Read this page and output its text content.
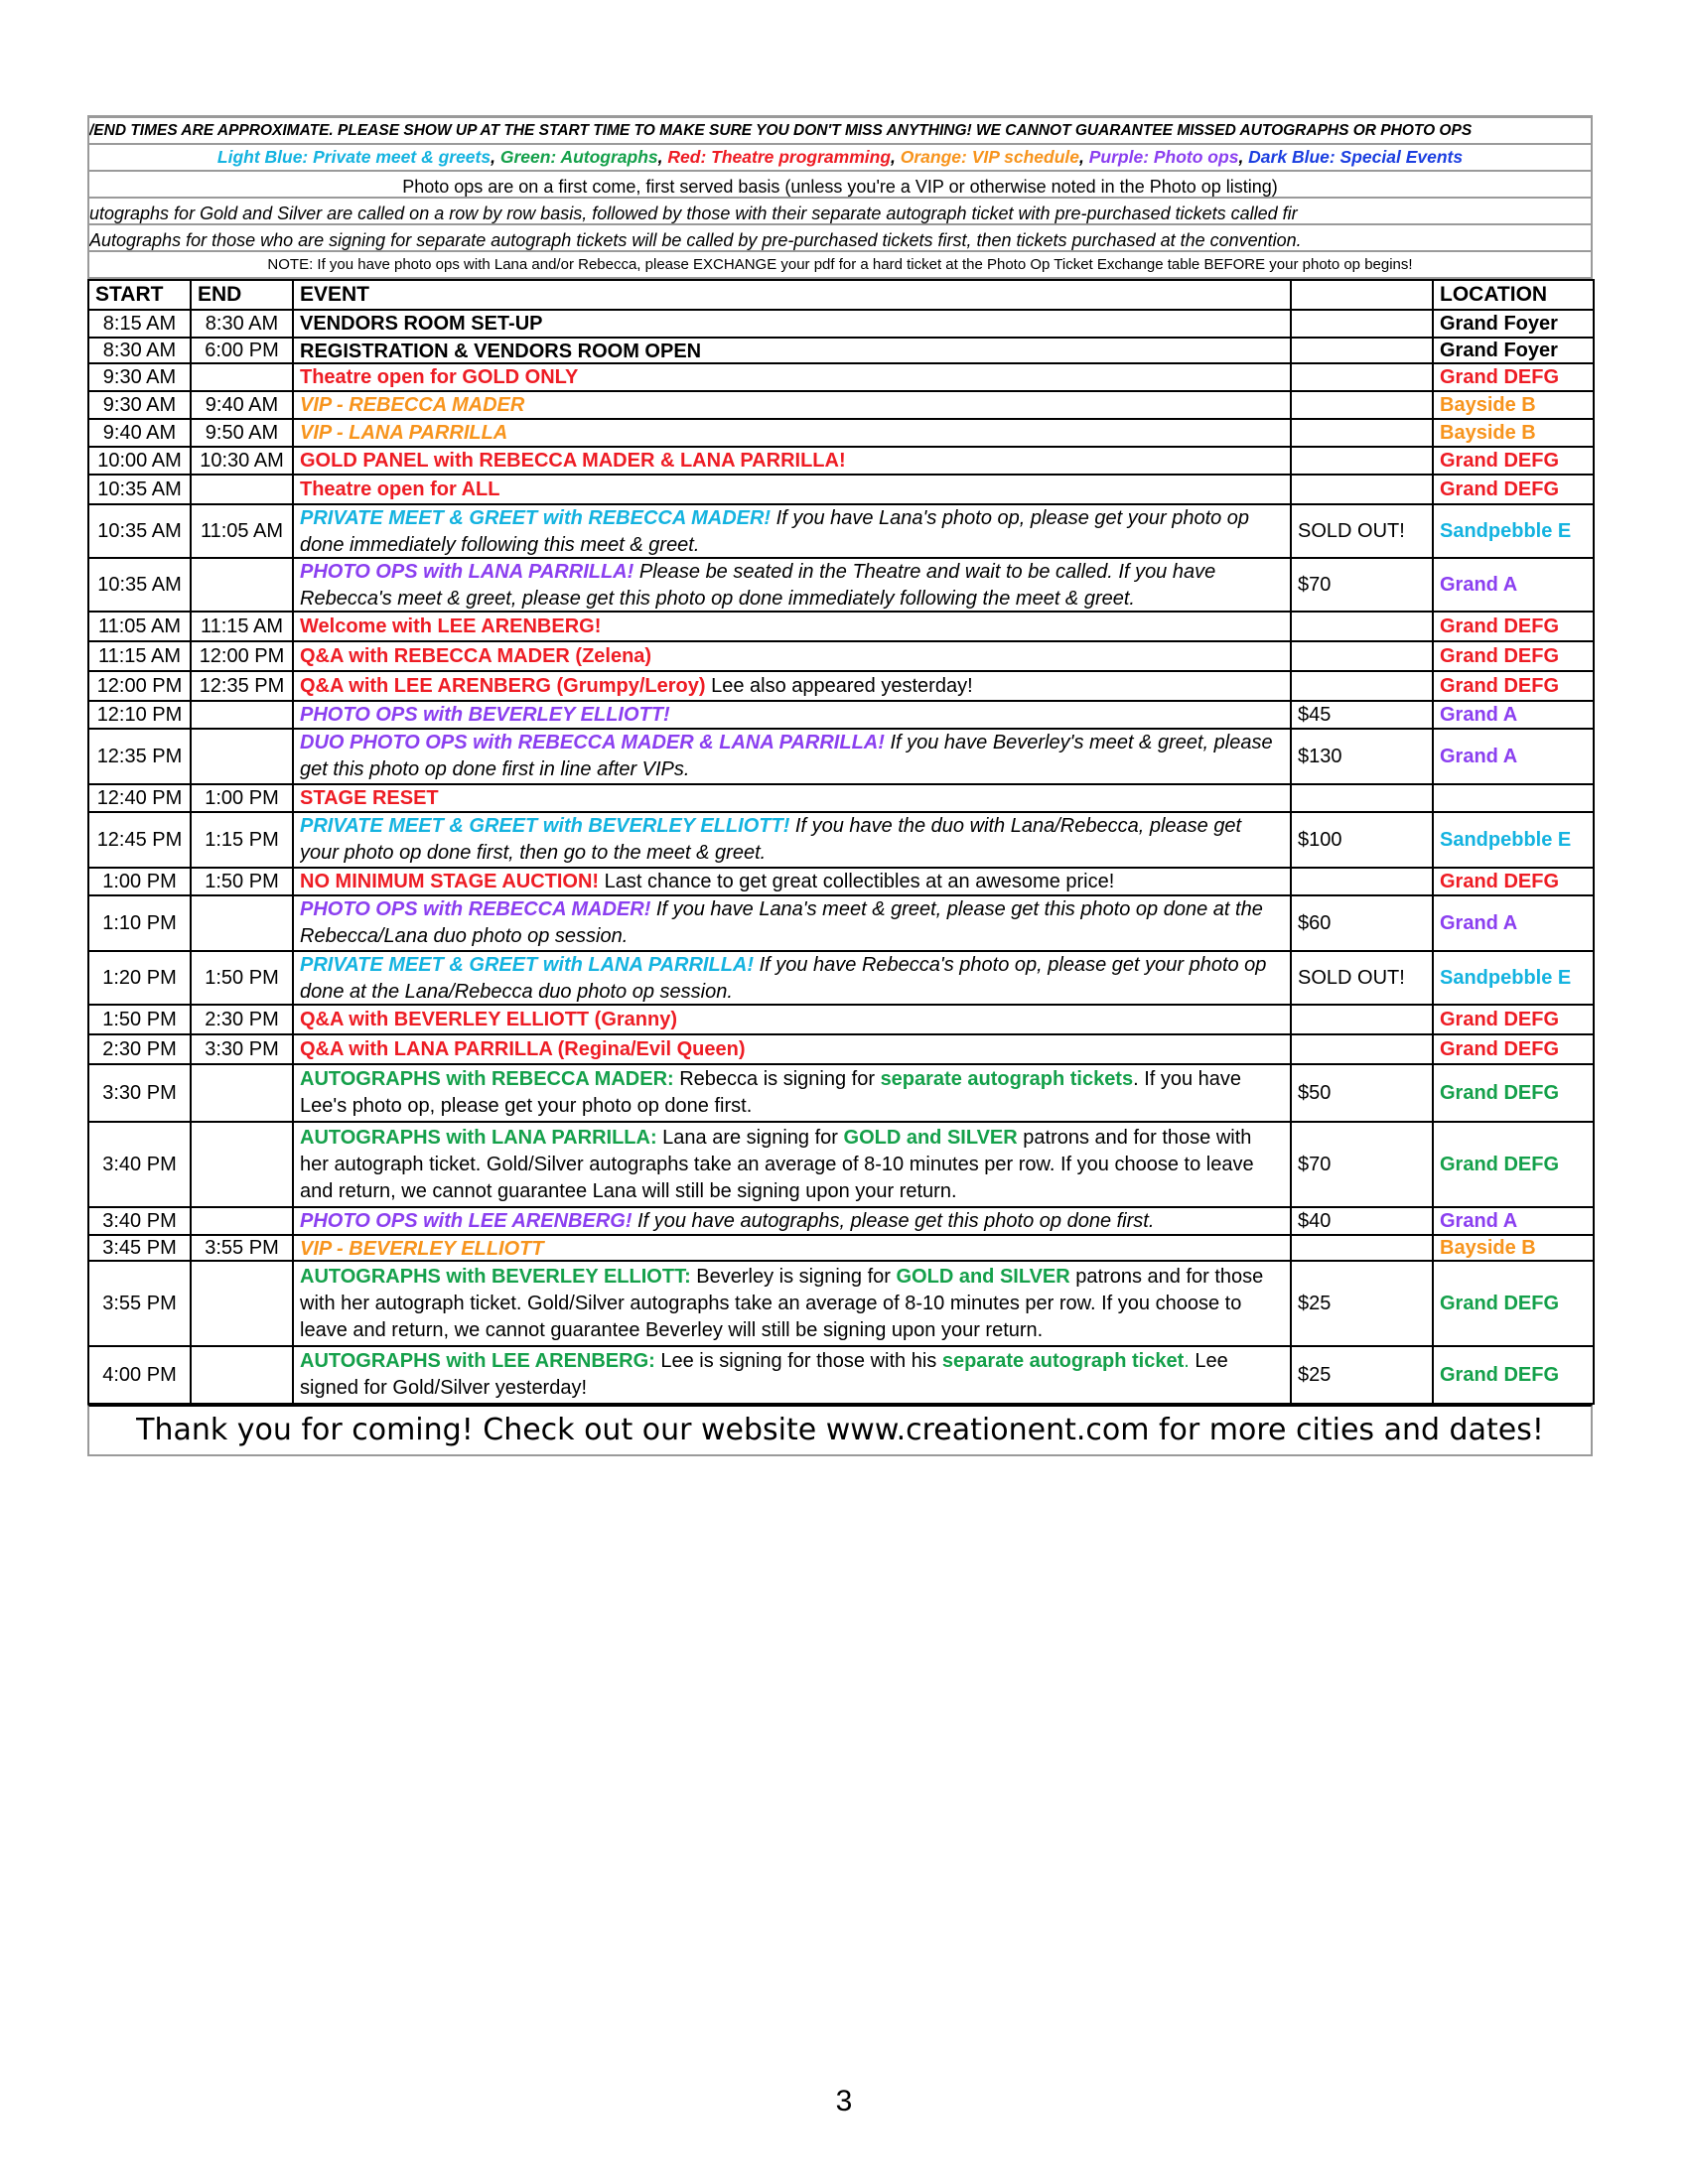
/END TIMES ARE APPROXIMATE. PLEASE SHOW UP AT THE START TIME TO MAKE SURE YOU DON'T MISS ANYTHING! WE CANNOT GUARANTEE MISSED AUTOGRAPHS OR PHOTO OPS
Light Blue: Private meet & greets, Green: Autographs, Red: Theatre programming, Orange: VIP schedule, Purple: Photo ops, Dark Blue: Special Events
Photo ops are on a first come, first served basis (unless you're a VIP or otherwise noted in the Photo op listing)
utographs for Gold and Silver are called on a row by row basis, followed by those with their separate autograph ticket with pre-purchased tickets called fir
Autographs for those who are signing for separate autograph tickets will be called by pre-purchased tickets first, then tickets purchased at the convention.
NOTE: If you have photo ops with Lana and/or Rebecca, please EXCHANGE your pdf for a hard ticket at the Photo Op Ticket Exchange table BEFORE your photo op begins!
START	END	EVENT		LOCATION
8:15 AM	8:30 AM	VENDORS ROOM SET-UP		Grand Foyer
8:30 AM	6:00 PM	REGISTRATION & VENDORS ROOM OPEN		Grand Foyer
9:30 AM		Theatre open for GOLD ONLY		Grand DEFG
9:30 AM	9:40 AM	VIP - REBECCA MADER		Bayside B
9:40 AM	9:50 AM	VIP - LANA PARRILLA		Bayside B
10:00 AM	10:30 AM	GOLD PANEL with REBECCA MADER & LANA PARRILLA!		Grand DEFG
10:35 AM		Theatre open for ALL		Grand DEFG
10:35 AM	11:05 AM	PRIVATE MEET & GREET with REBECCA MADER! If you have Lana's photo op, please get your photo op done immediately following this meet & greet.	SOLD OUT!	Sandpebble E
10:35 AM		PHOTO OPS with LANA PARRILLA! Please be seated in the Theatre and wait to be called. If you have Rebecca's meet & greet, please get this photo op done immediately following the meet & greet.	$70	Grand A
11:05 AM	11:15 AM	Welcome with LEE ARENBERG!		Grand DEFG
11:15 AM	12:00 PM	Q&A with REBECCA MADER (Zelena)		Grand DEFG
12:00 PM	12:35 PM	Q&A with LEE ARENBERG (Grumpy/Leroy) Lee also appeared yesterday!		Grand DEFG
12:10 PM		PHOTO OPS with BEVERLEY ELLIOTT!	$45	Grand A
12:35 PM		DUO PHOTO OPS with REBECCA MADER & LANA PARRILLA! If you have Beverley's meet & greet, please get this photo op done first in line after VIPs.	$130	Grand A
12:40 PM	1:00 PM	STAGE RESET		

12:45 PM	1:15 PM	PRIVATE MEET & GREET with BEVERLEY ELLIOTT! If you have the duo with Lana/Rebecca, please get your photo op done first, then go to the meet & greet.	$100	Sandpebble E
1:00 PM	1:50 PM	NO MINIMUM STAGE AUCTION! Last chance to get great collectibles at an awesome price!		Grand DEFG
1:10 PM		PHOTO OPS with REBECCA MADER! If you have Lana's meet & greet, please get this photo op done at the Rebecca/Lana duo photo op session.	$60	Grand A
1:20 PM	1:50 PM	PRIVATE MEET & GREET with LANA PARRILLA! If you have Rebecca's photo op, please get your photo op done at the Lana/Rebecca duo photo op session.	SOLD OUT!	Sandpebble E
1:50 PM	2:30 PM	Q&A with BEVERLEY ELLIOTT (Granny)		Grand DEFG
2:30 PM	3:30 PM	Q&A with LANA PARRILLA (Regina/Evil Queen)		Grand DEFG
3:30 PM		AUTOGRAPHS with REBECCA MADER: Rebecca is signing for separate autograph tickets. If you have Lee's photo op, please get your photo op done first.	$50	Grand DEFG
3:40 PM		AUTOGRAPHS with LANA PARRILLA: Lana are signing for GOLD and SILVER patrons and for those with her autograph ticket. Gold/Silver autographs take an average of 8-10 minutes per row. If you choose to leave and return, we cannot guarantee Lana will still be signing upon your return.	$70	Grand DEFG
3:40 PM		PHOTO OPS with LEE ARENBERG! If you have autographs, please get this photo op done first.	$40	Grand A
3:45 PM	3:55 PM	VIP - BEVERLEY ELLIOTT		Bayside B
3:55 PM		AUTOGRAPHS with BEVERLEY ELLIOTT: Beverley is signing for GOLD and SILVER patrons and for those with her autograph ticket. Gold/Silver autographs take an average of 8-10 minutes per row. If you choose to leave and return, we cannot guarantee Beverley will still be signing upon your return.	$25	Grand DEFG
4:00 PM		AUTOGRAPHS with LEE ARENBERG: Lee is signing for those with his separate autograph ticket. Lee signed for Gold/Silver yesterday!	$25	Grand DEFG
Thank you for coming! Check out our website www.creationent.com for more cities and dates!
3
